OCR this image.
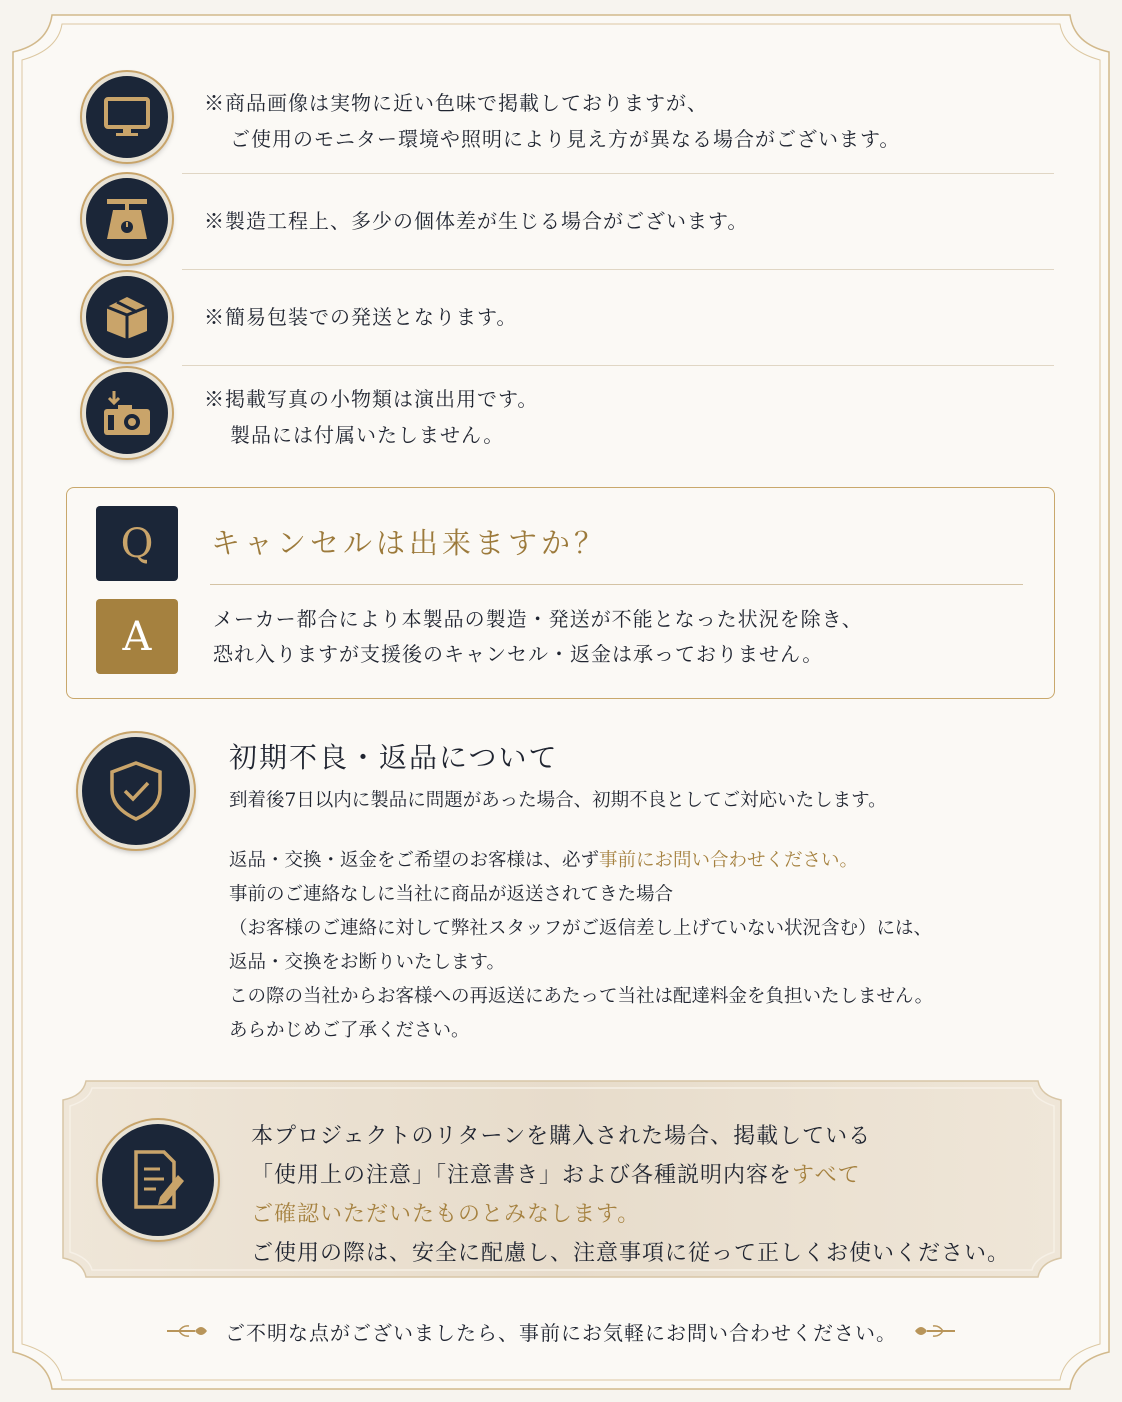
※商品画像は実物に近い色味で掲載しておりますが、
ご使用のモニター環境や照明により見え方が異なる場合がございます。
※製造工程上、多少の個体差が生じる場合がございます。
※簡易包装での発送となります。
※掲載写真の小物類は演出用です。
製品には付属いたしません。
Q
A
キャンセルは出来ますか？
メーカー都合により本製品の製造・発送が不能となった状況を除き、
恐れ入りますが支援後のキャンセル・返金は承っておりません。
初期不良・返品について
到着後7日以内に製品に問題があった場合、初期不良としてご対応いたします。
返品・交換・返金をご希望のお客様は、必ず事前にお問い合わせください。
事前のご連絡なしに当社に商品が返送されてきた場合
（お客様のご連絡に対して弊社スタッフがご返信差し上げていない状況含む）には、
返品・交換をお断りいたします。
この際の当社からお客様への再返送にあたって当社は配達料金を負担いたしません。
あらかじめご了承ください。
本プロジェクトのリターンを購入された場合、掲載している
「使用上の注意」「注意書き」および各種説明内容をすべて
ご確認いただいたものとみなします。
ご使用の際は、安全に配慮し、注意事項に従って正しくお使いください。
ご不明な点がございましたら、事前にお気軽にお問い合わせください。
